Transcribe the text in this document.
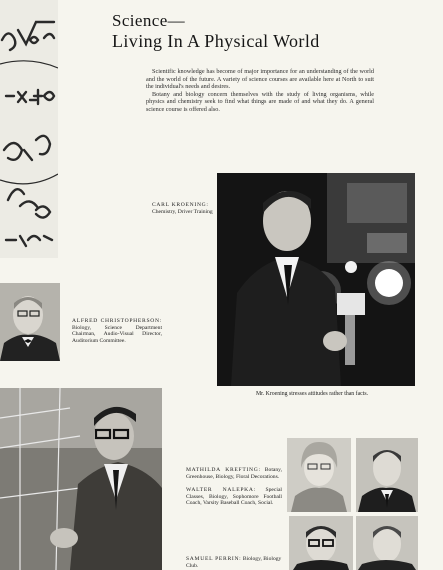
Science—
Living In A Physical World

Scientific knowledge has become of major importance for an understanding of the world and the world of the future. A variety of science courses are available here at North to suit the individual's needs and desires.

Botany and biology concern themselves with the study of living organisms, while physics and chemistry seek to find what things are made of and what they do. A general science course is offered also.

CARL KROENING:
Chemistry, Driver Training
ALFRED CHRISTOPHERSON: Biology, Science Department Chairman, Audio-Visual Director, Auditorium Committee.
Mr. Kroening stresses attitudes rather than facts.
MATHILDA KREFTING: Botany, Greenhouse, Biology, Floral Decorations.
WALTER NALEPKA: Special Classes, Biology, Sophomore Football Coach, Varsity Baseball Coach, Social.
SAMUEL PERRIN: Biology, Biology Club.
